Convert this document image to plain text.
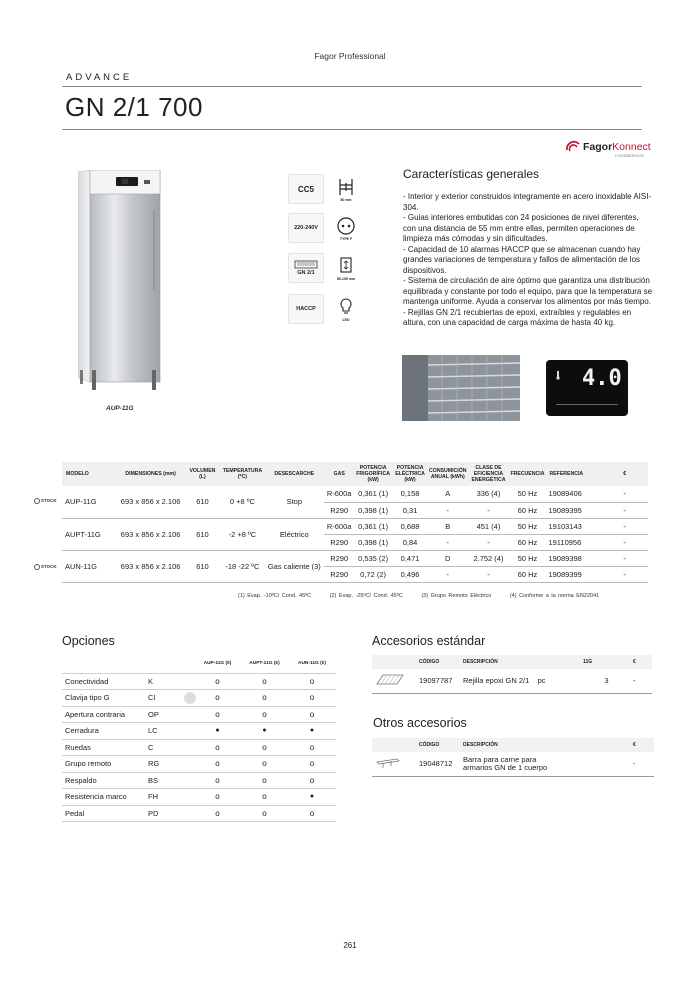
Fagor Professional
ADVANCE
GN 2/1 700
FagorKonnect
FOODSERVICE
AUP-11G
CC5
220-240V
GN 2/1
HACCP
80 mm
TYPE F
80-105 mm
LED
Características generales
- Interior y exterior construidos integramente en acero inoxidable AISI-304.
- Guias interiores embutidas con 24 posiciones de nivel diferentes, con una distancia de 55 mm entre ellas, permiten operaciones de limpieza más cómodas y sin dificultades.
- Capacidad de 10 alarmas HACCP que se almacenan cuando hay grandes variaciones de temperatura y fallos de alimentación de los dispositivos.
- Sistema de circulación de aire óptimo que garantiza una distribución equilibrada y constante por todo el equipo, para que la temperatura se mantenga uniforme. Ayuda a conservar los alimentos por más tiempo.
- Rejillas GN 2/1 recubiertas de epoxi, extraíbles y regulables en altura, con una capacidad de carga máxima de hasta 40 kg.
4.0
MODELO	DIMENSIONES (mm)	VOLUMEN (L)	TEMPERATURA (ºC)	DESESCARCHE	GAS	POTENCIA FRIGORÍFICA (kW)	POTENCIA ELÉCTRICA (kW)	CONSUMICIÓN ANUAL (kWh)	CLASE DE EFICIENCIA ENERGÉTICA	FRECUENCIA	REFERENCIA	€
AUP-11G	693 x 856 x 2.106	610	0 +8 ºC	Stop	R-600a	0,361 (1)	0,158	A	336 (4)	50 Hz	19089406	-
					R290	0,398 (1)	0,31	-	-	60 Hz	19089395	-
AUPT-11G	693 x 856 x 2.106	610	-2 +8 ºC	Eléctrico	R-600a	0,361 (1)	0,688	B	451 (4)	50 Hz	19103143	-
					R290	0,398 (1)	0,84	-	-	60 Hz	19110956	-
AUN-11G	693 x 856 x 2.106	610	-18 -22 ºC	Gas caliente (3)	R290	0,535 (2)	0,471	D	2.752 (4)	50 Hz	19089398	-
					R290	0,72 (2)	0,496	-	-	60 Hz	19089399	-
STOCK
STOCK
(1) Evap. -10ºC/ Cond. 45ºC	(2) Evap. -25ºC/ Cond. 45ºC	(3) Grupo Remoto Eléctrico	(4) Conforme a la norma EN22041
Opciones
		AUP-11G (€)	AUPT-11G (€)	AUN-11G (€)
Conectividad	K	o	o	o
Clavija tipo G	CI	o	o	o
Apertura contraria	OP	o	o	o
Cerradura	LC	●	●	●
Ruedas	C	o	o	o
Grupo remoto	RG	o	o	o
Respaldo	BS	o	o	o
Resistencia marco	FH	o	o	●
Pedal	PD	o	o	o
Accesorios estándar
	CÓDIGO	DESCRIPCIÓN	11G	€
	19097787	Rejilla epoxi GN 2/1 pc	3	-
Otros accesorios
	CÓDIGO	DESCRIPCIÓN	€
	19048712	Barra para carne para
armarios GN de 1 cuerpo	-
261
